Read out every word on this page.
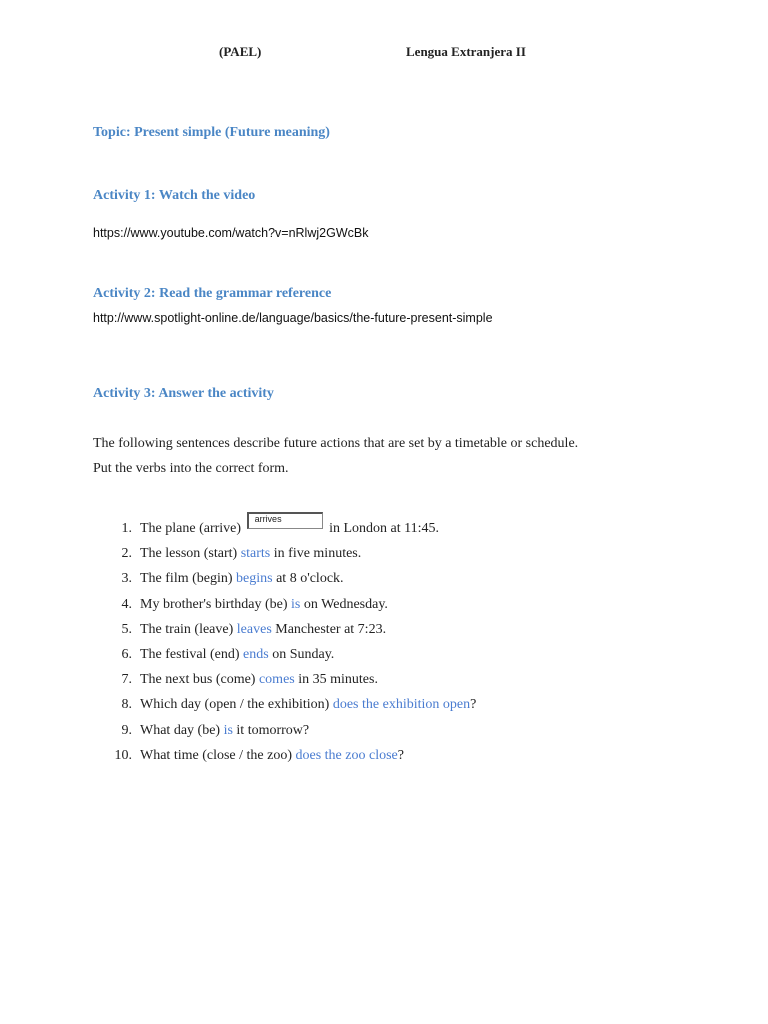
(PAEL)	Lengua Extranjera II
Topic: Present simple (Future meaning)
Activity 1: Watch the video
https://www.youtube.com/watch?v=nRlwj2GWcBk
Activity 2: Read the grammar reference
http://www.spotlight-online.de/language/basics/the-future-present-simple
Activity 3: Answer the activity
The following sentences describe future actions that are set by a timetable or schedule.
Put the verbs into the correct form.
1. The plane (arrive) arrives in London at 11:45.
2. The lesson (start) starts in five minutes.
3. The film (begin) begins at 8 o'clock.
4. My brother's birthday (be) is on Wednesday.
5. The train (leave) leaves Manchester at 7:23.
6. The festival (end) ends on Sunday.
7. The next bus (come) comes in 35 minutes.
8. Which day (open / the exhibition) does the exhibition open?
9. What day (be) is it tomorrow?
10. What time (close / the zoo) does the zoo close?
